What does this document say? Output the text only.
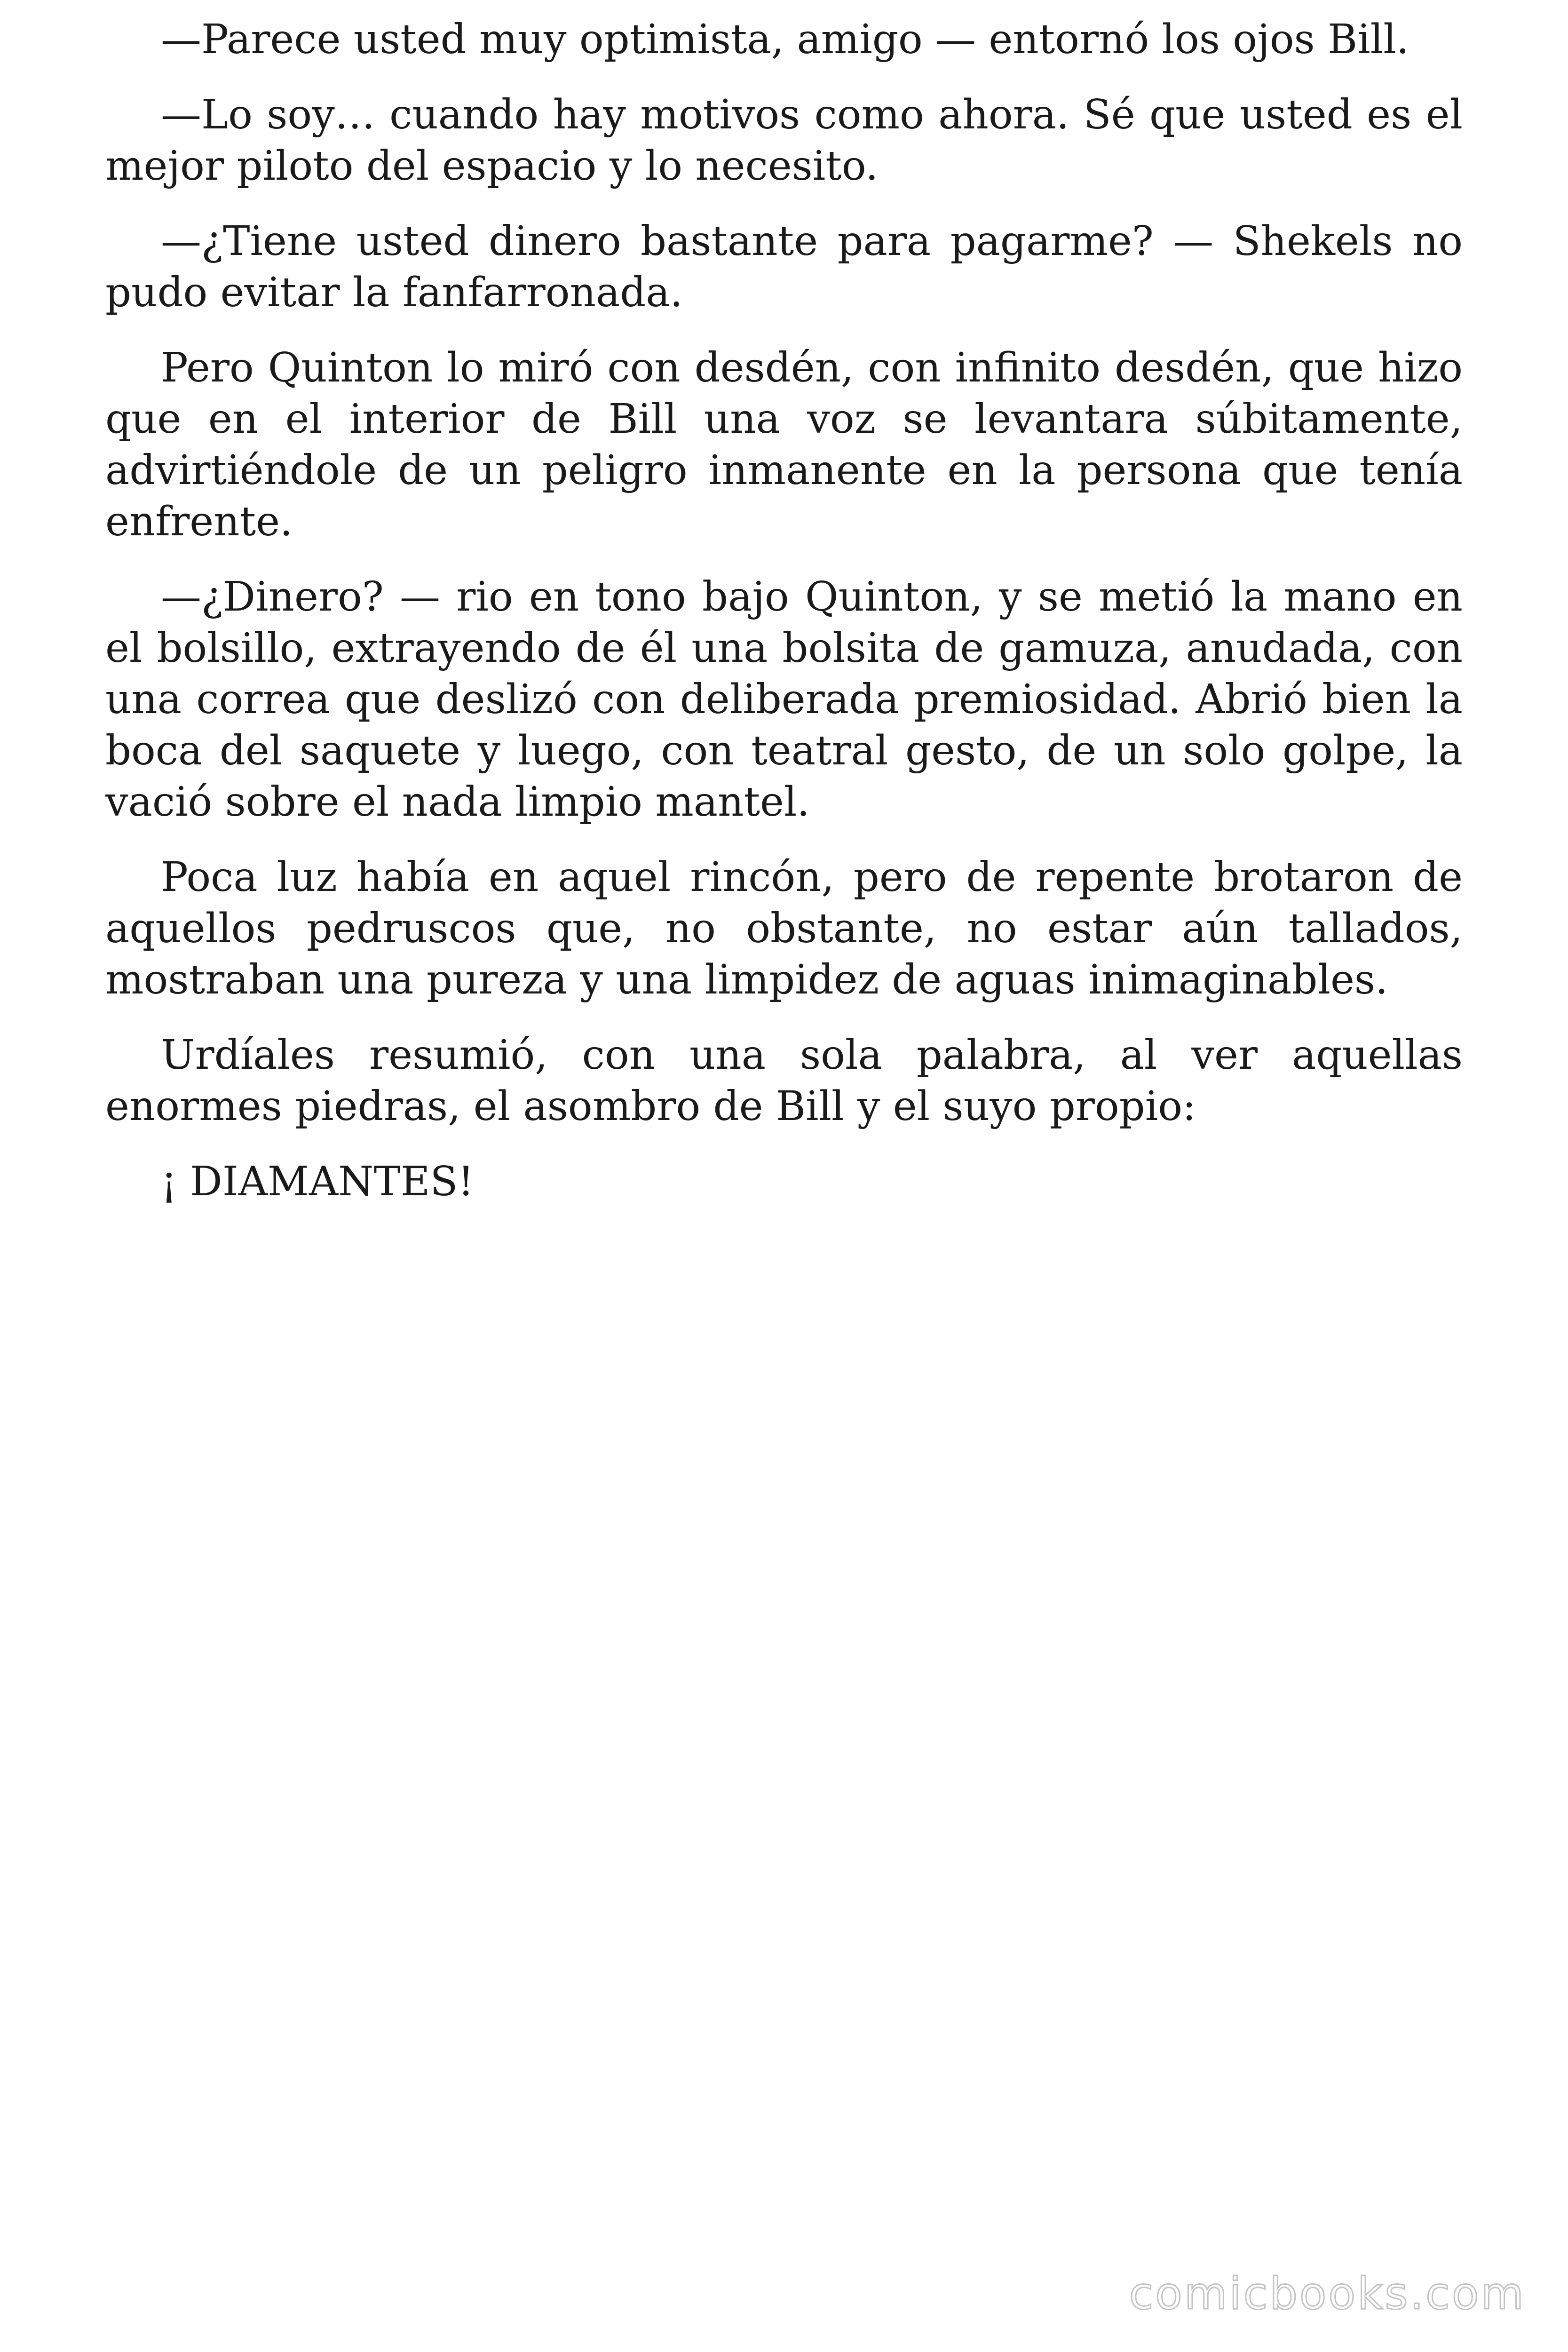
—Parece usted muy optimista, amigo — entornó los ojos Bill.

—Lo soy… cuando hay motivos como ahora. Sé que usted es el mejor piloto del espacio y lo necesito.

—¿Tiene usted dinero bastante para pagarme? — Shekels no pudo evitar la fanfarronada.

Pero Quinton lo miró con desdén, con infinito desdén, que hizo que en el interior de Bill una voz se levantara súbitamente, advirtiéndole de un peligro inmanente en la persona que tenía enfrente.

—¿Dinero? — rio en tono bajo Quinton, y se metió la mano en el bolsillo, extrayendo de él una bolsita de gamuza, anudada, con una correa que deslizó con deliberada premiosidad. Abrió bien la boca del saquete y luego, con teatral gesto, de un solo golpe, la vació sobre el nada limpio mantel.

Poca luz había en aquel rincón, pero de repente brotaron de aquellos pedruscos que, no obstante, no estar aún tallados, mostraban una pureza y una limpidez de aguas inimaginables.

Urdíales resumió, con una sola palabra, al ver aquellas enormes piedras, el asombro de Bill y el suyo propio:

¡ DIAMANTES!

comicbooks.com
